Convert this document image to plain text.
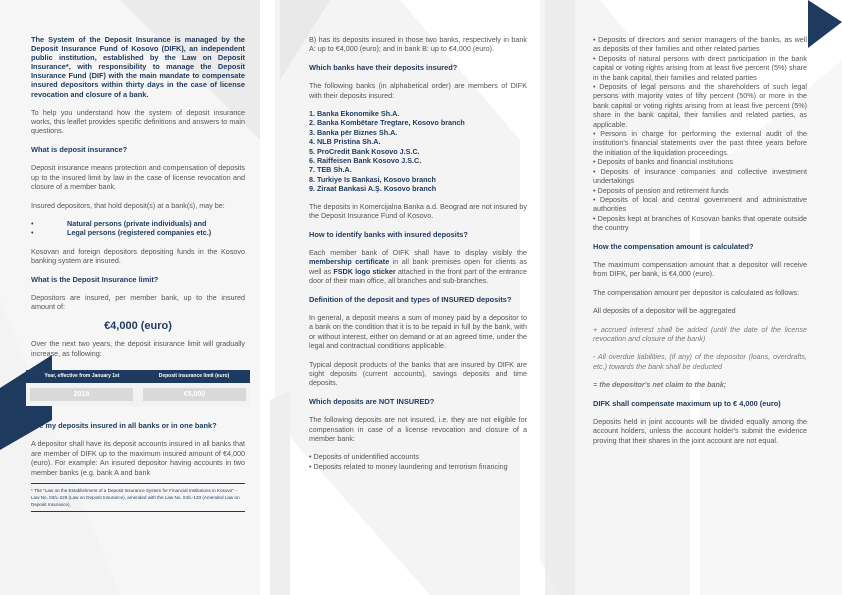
The System of the Deposit Insurance is managed by the Deposit Insurance Fund of Kosovo (DIFK), an independent public institution, established by the Law on Deposit Insurance*, with responsibility to manage the Deposit Insurance Fund (DIF) with the main mandate to compensate insured depositors within thirty days in the case of license revocation and closure of a bank.

To help you understand how the system of deposit insurance works, this leaflet provides specific definitions and answers to main questions.

What is deposit insurance?

Deposit insurance means protection and compensation of deposits up to the insured limit by law in the case of license revocation and closure of a member bank.

Insured depositors, that hold deposit(s) at a bank(s), may be:

•	Natural persons (private individuals) and
•	Legal persons (registered companies etc.)

Kosovan and foreign depositors depositing funds in the Kosovo banking system are insured.

What is the Deposit Insurance limit?

Depositors are insured, per member bank, up to the insured amount of:

€4,000 (euro)

Over the next two years, the deposit insurance limit will gradually increase, as following:

Year, effective from January 1st	Deposit insurance limit (euro)
2018	€5,000

Are my deposits insured in all banks or in one bank?

A depositor shall have its deposit accounts insured in all banks that are member of DIFK up to the maximum insured amount of €4,000 (euro). For example: An insured depositor having accounts in two member banks (e.g. bank A and bank

* The "Law on the Establishment of a Deposit Insurance System for Financial Institutions in Kosovo" - Law No. 03/L-226 (Law on Deposit Insurance), amended with the Law No. 04/L-133 (Amended Law on Deposit Insurance),

B) has its deposits insured in those two banks, respectively in bank A: up to €4,000 (euro); and in bank B: up to €4,000 (euro).

Which banks have their deposits insured?

The following banks (in alphabetical order) are members of DIFK with their deposits insured:

1. Banka Ekonomike Sh.A.
2. Banka Kombëtare Tregtare, Kosovo branch
3. Banka për Biznes Sh.A.
4. NLB Pristina Sh.A.
5. ProCredit Bank Kosovo J.S.C.
6. Raiffeisen Bank Kosovo J.S.C.
7. TEB Sh.A.
8. Turkiye Is Bankasi, Kosovo branch
9. Ziraat Bankasi A.Ş. Kosovo branch

The deposits in Komercijalna Banka a.d. Beograd are not insured by the Deposit Insurance Fund of Kosovo.

How to identify banks with insured deposits?

Each member bank of DIFK shall have to display visibly the membership certificate in all bank premises open for clients as well as FSDK logo sticker attached in the front part of the entrance door of their main office, all branches and sub-branches.

Definition of the deposit and types of INSURED deposits?

In general, a deposit means a sum of money paid by a depositor to a bank on the condition that it is to be repaid in full by the bank, with or without interest, either on demand or at an agreed time, under the legal and contractual conditions applicable.

Typical deposit products of the banks that are insured by DIFK are sight deposits (current accounts), savings deposits and time deposits.

Which deposits are NOT INSURED?

The following deposits are not insured, i.e. they are not eligible for compensation in case of a license revocation and closure of a member bank:

• Deposits of unidentified accounts

• Deposits related to money laundering and terrorism financing

• Deposits of directors and senior managers of the banks, as well as deposits of their families and other related parties

• Deposits of natural persons with direct participation in the bank capital or voting rights arising from at least five percent (5%) share in the bank capital, their families and related parties

• Deposits of legal persons and the shareholders of such legal persons with majority votes of fifty percent (50%) or more in the bank capital or voting rights arising from at least five percent (5%) share in the bank capital, their families and related parties, as applicable.

• Persons in charge for performing the external audit of the institution's financial statements over the past three years before the initiation of the liquidation proceedings.

• Deposits of banks and financial institutions

• Deposits of insurance companies and collective investment undertakings

• Deposits of pension and retirement funds

• Deposits of local and central government and administrative authorities

• Deposits kept at branches of Kosovan banks that operate outside the country

How the compensation amount is calculated?

The maximum compensation amount that a depositor will receive from DIFK, per bank, is €4,000 (euro).

The compensation amount per depositor is calculated as follows:

All deposits of a depositor will be aggregated

+ accrued interest shall be added (until the date of the license revocation and closure of the bank)

- All overdue liabilities, (if any) of the depositor (loans, overdrafts, etc.) towards the bank shall be deducted

= the depositor's net claim to the bank;

DIFK shall compensate maximum up to € 4,000 (euro)

Deposits held in joint accounts will be divided equally among the account holders, unless the account holder's submit the evidence proving that their shares in the joint account are not equal.
